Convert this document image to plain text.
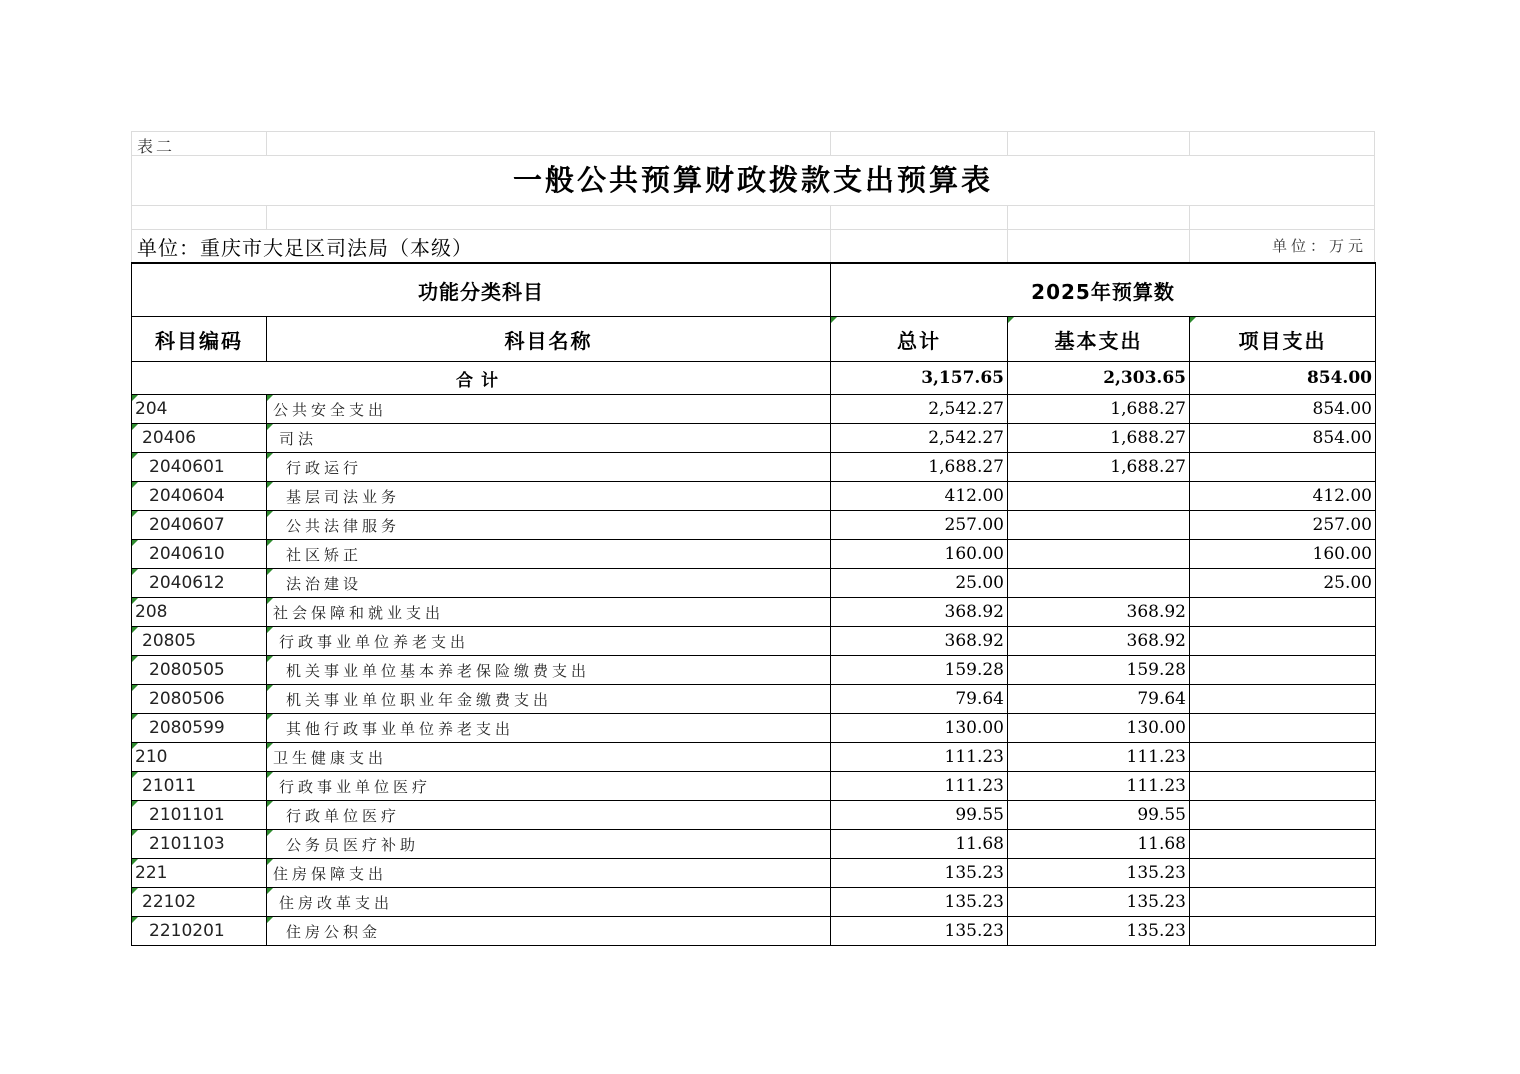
表二
一般公共预算财政拨款支出预算表
单位：重庆市大足区司法局（本级）	单位：万元
功能分类科目		2025年预算数		
科目编码	科目名称	总计	基本支出	项目支出
合计		3,157.65	2,303.65	854.00
204	公共安全支出	2,542.27	1,688.27	854.00
20406	司法	2,542.27	1,688.27	854.00
2040601	行政运行	1,688.27	1,688.27	
2040604	基层司法业务	412.00		412.00
2040607	公共法律服务	257.00		257.00
2040610	社区矫正	160.00		160.00
2040612	法治建设	25.00		25.00
208	社会保障和就业支出	368.92	368.92	
20805	行政事业单位养老支出	368.92	368.92	
2080505	机关事业单位基本养老保险缴费支出	159.28	159.28	
2080506	机关事业单位职业年金缴费支出	79.64	79.64	
2080599	其他行政事业单位养老支出	130.00	130.00	
210	卫生健康支出	111.23	111.23	
21011	行政事业单位医疗	111.23	111.23	
2101101	行政单位医疗	99.55	99.55	
2101103	公务员医疗补助	11.68	11.68	
221	住房保障支出	135.23	135.23	
22102	住房改革支出	135.23	135.23	
2210201	住房公积金	135.23	135.23	
